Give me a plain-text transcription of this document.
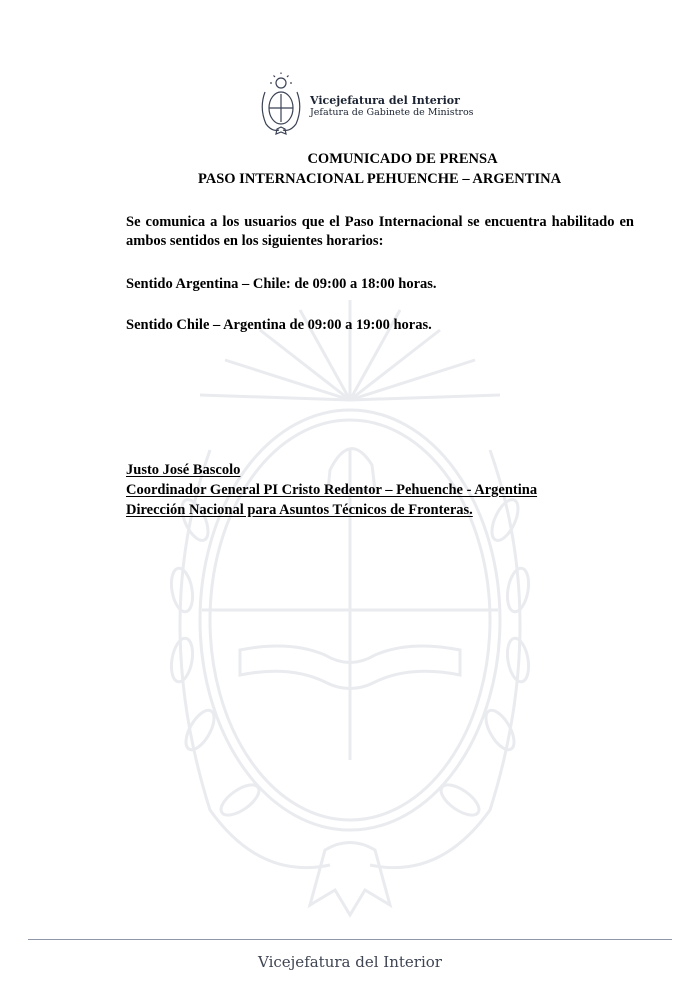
Vicejefatura del Interior
Jefatura de Gabinete de Ministros
COMUNICADO DE PRENSA
PASO INTERNACIONAL PEHUENCHE – ARGENTINA
Se comunica a los usuarios que el Paso Internacional se encuentra habilitado en ambos sentidos en los siguientes horarios:
Sentido Argentina – Chile: de 09:00 a 18:00 horas.
Sentido Chile – Argentina de 09:00 a 19:00 horas.
Justo José Bascolo
Coordinador General PI Cristo Redentor – Pehuenche - Argentina
Dirección Nacional para Asuntos Técnicos de Fronteras.
Vicejefatura del Interior
